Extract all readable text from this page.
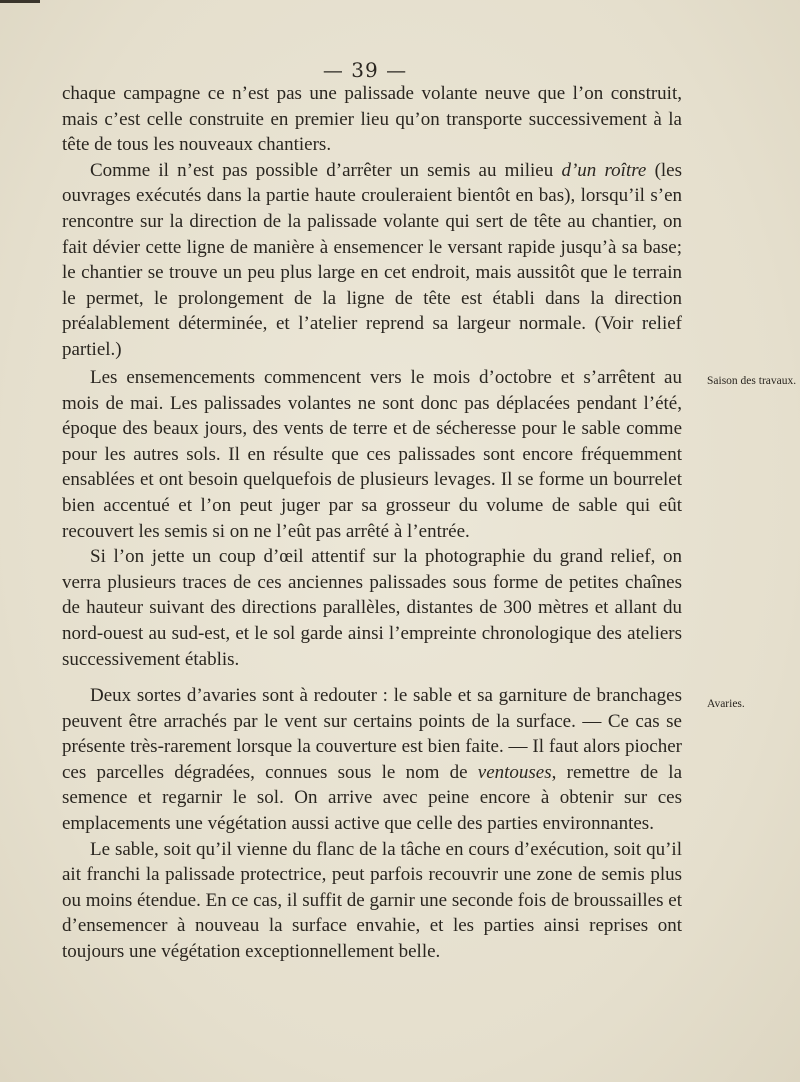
— 39 —

chaque campagne ce n’est pas une palissade volante neuve que l’on construit, mais c’est celle construite en premier lieu qu’on transporte successivement à la tête de tous les nouveaux chantiers.

Comme il n’est pas possible d’arrêter un semis au milieu d’un roître (les ouvrages exécutés dans la partie haute crouleraient bientôt en bas), lorsqu’il s’en rencontre sur la direction de la palissade volante qui sert de tête au chantier, on fait dévier cette ligne de manière à ensemencer le versant rapide jusqu’à sa base; le chantier se trouve un peu plus large en cet endroit, mais aussitôt que le terrain le permet, le prolongement de la ligne de tête est établi dans la direction préalablement déterminée, et l’atelier reprend sa largeur normale. (Voir relief partiel.)

Saison des travaux.

Les ensemencements commencent vers le mois d’octobre et s’arrêtent au mois de mai. Les palissades volantes ne sont donc pas déplacées pendant l’été, époque des beaux jours, des vents de terre et de sécheresse pour le sable comme pour les autres sols. Il en résulte que ces palissades sont encore fréquemment ensablées et ont besoin quelquefois de plusieurs levages. Il se forme un bourrelet bien accentué et l’on peut juger par sa grosseur du volume de sable qui eût recouvert les semis si on ne l’eût pas arrêté à l’entrée.

Si l’on jette un coup d’œil attentif sur la photographie du grand relief, on verra plusieurs traces de ces anciennes palissades sous forme de petites chaînes de hauteur suivant des directions parallèles, distantes de 300 mètres et allant du nord-ouest au sud-est, et le sol garde ainsi l’empreinte chronologique des ateliers successivement établis.

Avaries.

Deux sortes d’avaries sont à redouter : le sable et sa garniture de branchages peuvent être arrachés par le vent sur certains points de la surface. — Ce cas se présente très-rarement lorsque la couverture est bien faite. — Il faut alors piocher ces parcelles dégradées, connues sous le nom de ventouses, remettre de la semence et regarnir le sol. On arrive avec peine encore à obtenir sur ces emplacements une végétation aussi active que celle des parties environnantes.

Le sable, soit qu’il vienne du flanc de la tâche en cours d’exécution, soit qu’il ait franchi la palissade protectrice, peut parfois recouvrir une zone de semis plus ou moins étendue. En ce cas, il suffit de garnir une seconde fois de broussailles et d’ensemencer à nouveau la surface envahie, et les parties ainsi reprises ont toujours une végétation exceptionnellement belle.
